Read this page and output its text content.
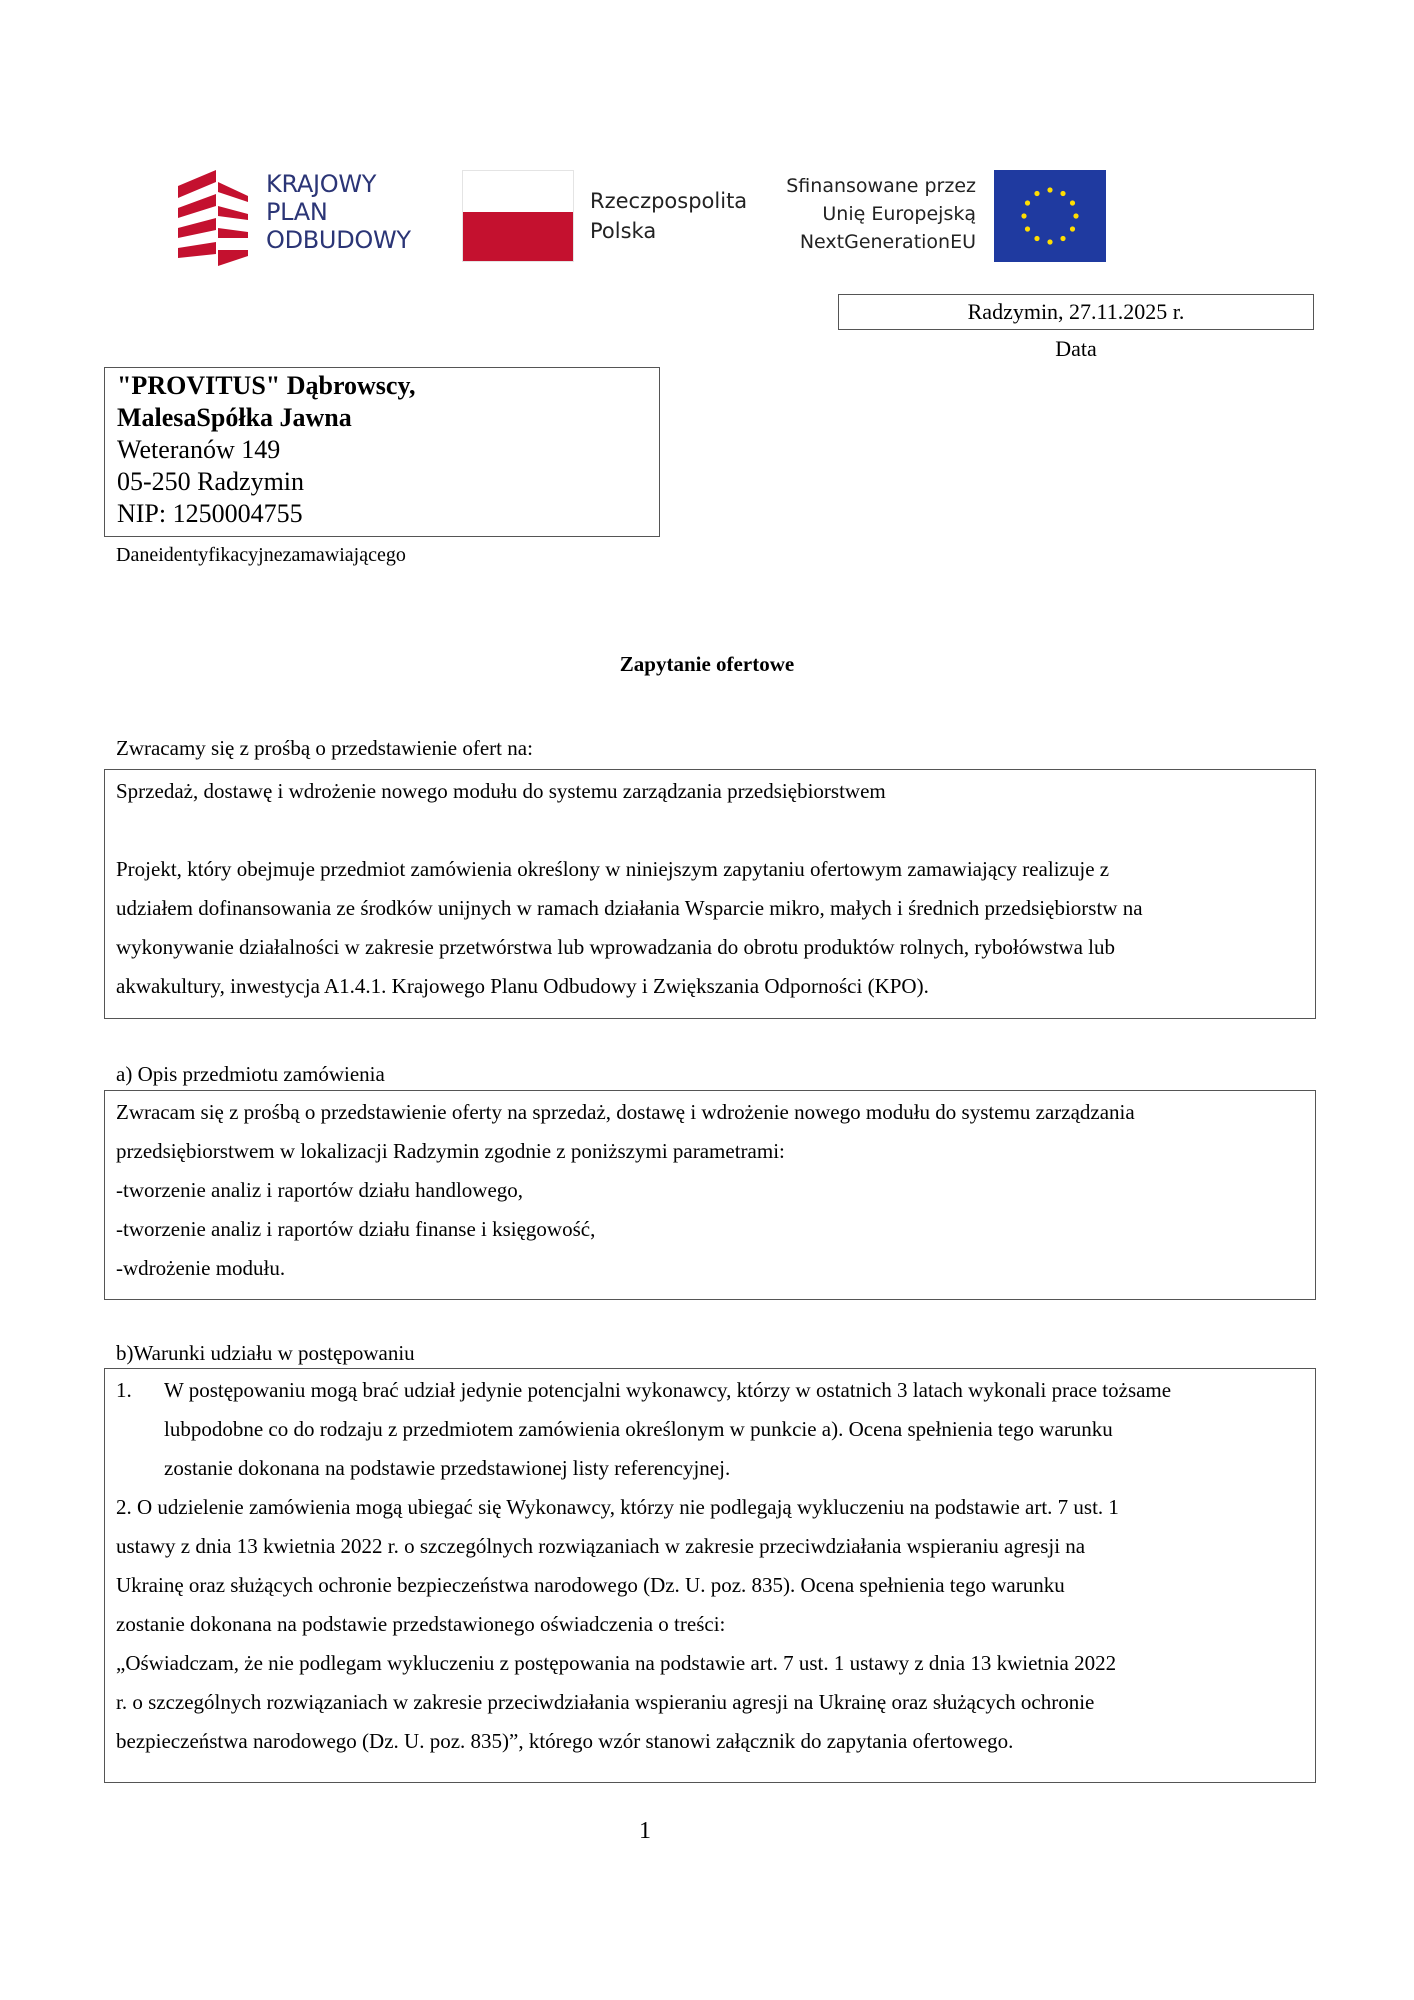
KRAJOWY
PLAN
ODBUDOWY
Rzeczpospolita
Polska
Sfinansowane przez
Unię Europejską
NextGenerationEU
Radzymin, 27.11.2025 r.
Data
"PROVITUS" Dąbrowscy,
MalesaSpółka Jawna
Weteranów 149
05-250 Radzymin
NIP: 1250004755
Daneidentyfikacyjnezamawiającego
Zapytanie ofertowe
Zwracamy się z prośbą o przedstawienie ofert na:

Sprzedaż, dostawę i wdrożenie nowego modułu do systemu zarządzania przedsiębiorstwem

Projekt, który obejmuje przedmiot zamówienia określony w niniejszym zapytaniu ofertowym zamawiający realizuje z

udziałem dofinansowania ze środków unijnych w ramach działania Wsparcie mikro, małych i średnich przedsiębiorstw na

wykonywanie działalności w zakresie przetwórstwa lub wprowadzania do obrotu produktów rolnych, rybołówstwa lub

akwakultury, inwestycja A1.4.1. Krajowego Planu Odbudowy i Zwiększania Odporności (KPO).

a) Opis przedmiotu zamówienia

Zwracam się z prośbą o przedstawienie oferty na sprzedaż, dostawę i wdrożenie nowego modułu do systemu zarządzania

przedsiębiorstwem w lokalizacji Radzymin zgodnie z poniższymi parametrami:

-tworzenie analiz i raportów działu handlowego,

-tworzenie analiz i raportów działu finanse i księgowość,

-wdrożenie modułu.

b)Warunki udziału w postępowaniu
1.	W postępowaniu mogą brać udział jedynie potencjalni wykonawcy, którzy w ostatnich 3 latach wykonali prace tożsame

lubpodobne co do rodzaju z przedmiotem zamówienia określonym w punkcie a). Ocena spełnienia tego warunku

zostanie dokonana na podstawie przedstawionej listy referencyjnej.

2. O udzielenie zamówienia mogą ubiegać się Wykonawcy, którzy nie podlegają wykluczeniu na podstawie art. 7 ust. 1

ustawy z dnia 13 kwietnia 2022 r. o szczególnych rozwiązaniach w zakresie przeciwdziałania wspieraniu agresji na

Ukrainę oraz służących ochronie bezpieczeństwa narodowego (Dz. U. poz. 835). Ocena spełnienia tego warunku

zostanie dokonana na podstawie przedstawionego oświadczenia o treści:

„Oświadczam, że nie podlegam wykluczeniu z postępowania na podstawie art. 7 ust. 1 ustawy z dnia 13 kwietnia 2022

r. o szczególnych rozwiązaniach w zakresie przeciwdziałania wspieraniu agresji na Ukrainę oraz służących ochronie

bezpieczeństwa narodowego (Dz. U. poz. 835)”, którego wzór stanowi załącznik do zapytania ofertowego.

1
